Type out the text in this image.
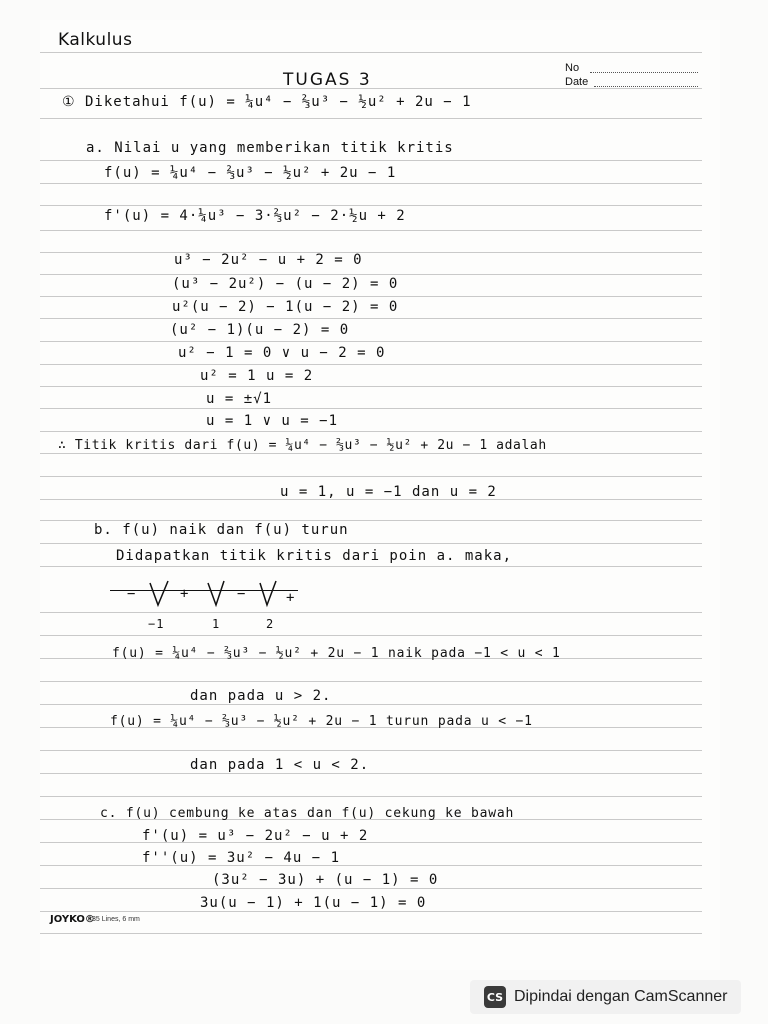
Kalkulus
No
Date
TUGAS 3
① Diketahui f(u) = ¼u⁴ − ⅔u³ − ½u² + 2u − 1
a. Nilai u yang memberikan titik kritis
f(u) = ¼u⁴ − ⅔u³ − ½u² + 2u − 1
f'(u) = 4·¼u³ − 3·⅔u² − 2·½u + 2
u³ − 2u² − u + 2 = 0
(u³ − 2u²) − (u − 2) = 0
u²(u − 2) − 1(u − 2) = 0
(u² − 1)(u − 2) = 0
u² − 1 = 0 ∨ u − 2 = 0
u² = 1 u = 2
u = ±√1
u = 1 ∨ u = −1
∴ Titik kritis dari f(u) = ¼u⁴ − ⅔u³ − ½u² + 2u − 1 adalah
u = 1, u = −1 dan u = 2
b. f(u) naik dan f(u) turun
Didapatkan titik kritis dari poin a. maka,
−	+	−	+
−1	1	2
f(u) = ¼u⁴ − ⅔u³ − ½u² + 2u − 1 naik pada −1 < u < 1
dan pada u > 2.
f(u) = ¼u⁴ − ⅔u³ − ½u² + 2u − 1 turun pada u < −1
dan pada 1 < u < 2.
c. f(u) cembung ke atas dan f(u) cekung ke bawah
f'(u) = u³ − 2u² − u + 2
f''(u) = 3u² − 4u − 1
(3u² − 3u) + (u − 1) = 0
3u(u − 1) + 1(u − 1) = 0
JOYKO®
35 Lines, 6 mm
CS Dipindai dengan CamScanner
